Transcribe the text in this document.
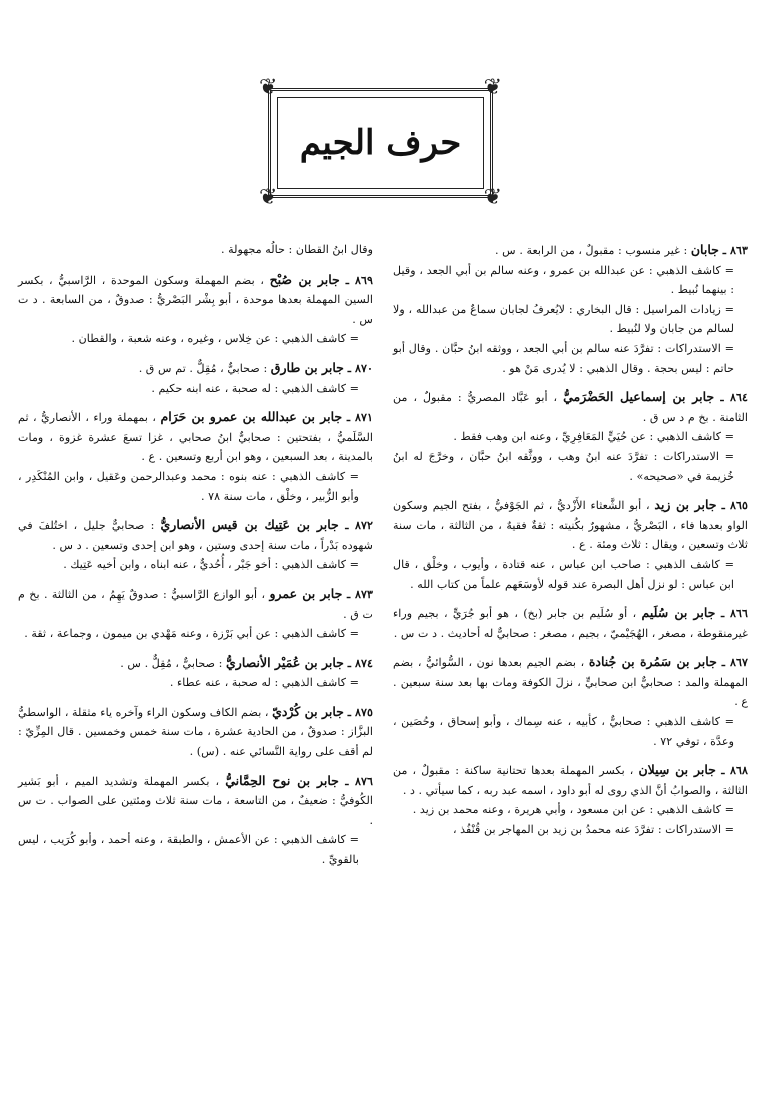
❦	❦
❦	❦
حرف الجيم

٨٦٣ ـ جابان : غير منسوب : مقبولٌ ، من الرابعة . س .

= كاشف الذهبي : عن عبدالله بن عمرو ، وعنه سالم بن أبي الجعد ، وقيل : بينهما نُبيط .

= زيادات المراسيل : قال البخاري : لايُعرفُ لجابان سماعٌ من عبدالله ، ولا لسالم من جابان ولا لنُبيط .

= الاستدراكات : تفرَّدَ عنه سالم بن أبي الجعد ، ووثقه ابنُ حبَّان . وقال أبو حاتم : ليس بحجة . وقال الذهبي : لا يُدرى مَنْ هو .

٨٦٤ ـ جابر بن إسماعيل الحَضْرَميُّ ، أبو عَبَّاد المصريُّ : مقبولٌ ، من الثامنة . بخ م د س ق .

= كاشف الذهبي : عن حُيَيٍّ المَعَافِرِيِّ ، وعنه ابن وهب فقط .

= الاستدراكات : تفرَّدَ عنه ابنُ وهب ، ووثَّقه ابنُ حبَّان ، وخرَّجَ له ابنُ خُزيمة في «صحيحه» .

٨٦٥ ـ جابر بن زيد ، أبو الشَّعثاء الأَزْديُّ ، ثم الجَوْفيُّ ، بفتح الجيم وسكون الواو بعدها فاء ، البَصْريُّ ، مشهورٌ بكُنيته : ثقةٌ فقيهٌ ، من الثالثة ، مات سنة ثلاث وتسعين ، ويقال : ثلاث ومئة . ع .

= كاشف الذهبي : صاحب ابن عباس ، عنه قتادة ، وأيوب ، وخلْق ، قال ابن عباس : لو نزل أهل البصرة عند قوله لأوسَعَهم علماً من كتاب الله .

٨٦٦ ـ جابر بن سُلَيم ، أو سُلَيم بن جابر (بخ) ، هو أبو جُرَيٍّ ، بجيم وراء غيرمنقوطة ، مصغر ، الهُجَيْميّ ، بجيم ، مصغر : صحابيٌّ له أحاديث . د ت س .

٨٦٧ ـ جابر بن سَمُرة بن جُنادة ، بضم الجيم بعدها نون ، السُّوائيُّ ، بضم المهملة والمد : صحابيٌّ ابن صحابيٍّ ، نزلَ الكوفة ومات بها بعد سنة سبعين . ع .

= كاشف الذهبي : صحابيٌّ ، كأبيه ، عنه سِماك ، وأبو إسحاق ، وحُصَين ، وعدَّة ، توفي ٧٢ .

٨٦٨ ـ جابر بن سِيلان ، بكسر المهملة بعدها تحتانية ساكنة : مقبولٌ ، من الثالثة ، والصوابُ أنَّ الذي روى له أبو داود ، اسمه عبد ربه ، كما سيأتي . د .

= كاشف الذهبي : عن ابن مسعود ، وأبي هريرة ، وعنه محمد بن زيد .

= الاستدراكات : تفرَّدَ عنه محمدُ بن زيد بن المهاجر بن قُنْفُذ ،

وقال ابنُ القطان : حالُه مجهولة .

٨٦٩ ـ جابر بن صُبْح ، بضم المهملة وسكون الموحدة ، الرَّاسبيُّ ، بكسر السين المهملة بعدها موحدة ، أبو بِشْر البَصْريُّ : صدوقٌ ، من السابعة . د ت س .

= كاشف الذهبي : عن خِلاس ، وغيره ، وعنه شعبة ، والقطان .

٨٧٠ ـ جابر بن طارق : صحابيٌّ ، مُقِلٌّ . تم س ق .

= كاشف الذهبي : له صحبة ، عنه ابنه حكيم .

٨٧١ ـ جابر بن عبدالله بن عمرو بن حَرَام ، بمهملة وراء ، الأنصاريُّ ، ثم السَّلَميُّ ، بفتحتين : صحابيٌّ ابنُ صحابي ، غزا تسعَ عشرة غزوة ، ومات بالمدينة ، بعد السبعين ، وهو ابن أربع وتسعين . ع .

= كاشف الذهبي : عنه بنوه : محمد وعبدالرحمن وعَقيل ، وابن المُنْكَدِر ، وأبو الزُّبير ، وخلْق ، مات سنة ٧٨ .

٨٧٢ ـ جابر بن عَتِيك بن قيس الأنصاريُّ : صحابيٌّ جليل ، اختُلفَ في شهوده بَدْراً ، مات سنة إحدى وستين ، وهو ابن إحدى وتسعين . د س .

= كاشف الذهبي : أخو جَبْر ، أُحُديٌّ ، عنه ابناه ، وابن أخيه عَتِيك .

٨٧٣ ـ جابر بن عمرو ، أبو الوازع الرَّاسبيُّ : صدوقٌ يَهِمُ ، من الثالثة . بخ م ت ق .

= كاشف الذهبي : عن أبي بَرْزة ، وعنه مَهْدي بن ميمون ، وجماعة ، ثقة .

٨٧٤ ـ جابر بن عُمَيْر الأنصاريُّ : صحابيٌّ ، مُقِلٌّ . س .

= كاشف الذهبي : له صحبة ، عنه عطاء .

٨٧٥ ـ جابر بن كُرْديّ ، بضم الكاف وسكون الراء وآخره ياء مثقلة ، الواسطيُّ البزَّاز : صدوقٌ ، من الحادية عشرة ، مات سنة خمس وخمسين . قال المِزِّيّ : لم أقف على رواية النَّسائي عنه . (س) .

٨٧٦ ـ جابر بن نوح الحِمَّانيُّ ، بكسر المهملة وتشديد الميم ، أبو بَشير الكُوفيُّ : ضعيفٌ ، من التاسعة ، مات سنة ثلاث ومئتين على الصواب . ت س .

= كاشف الذهبي : عن الأعمش ، والطبقة ، وعنه أحمد ، وأبو كُرَيب ، ليس بالقويِّ .
